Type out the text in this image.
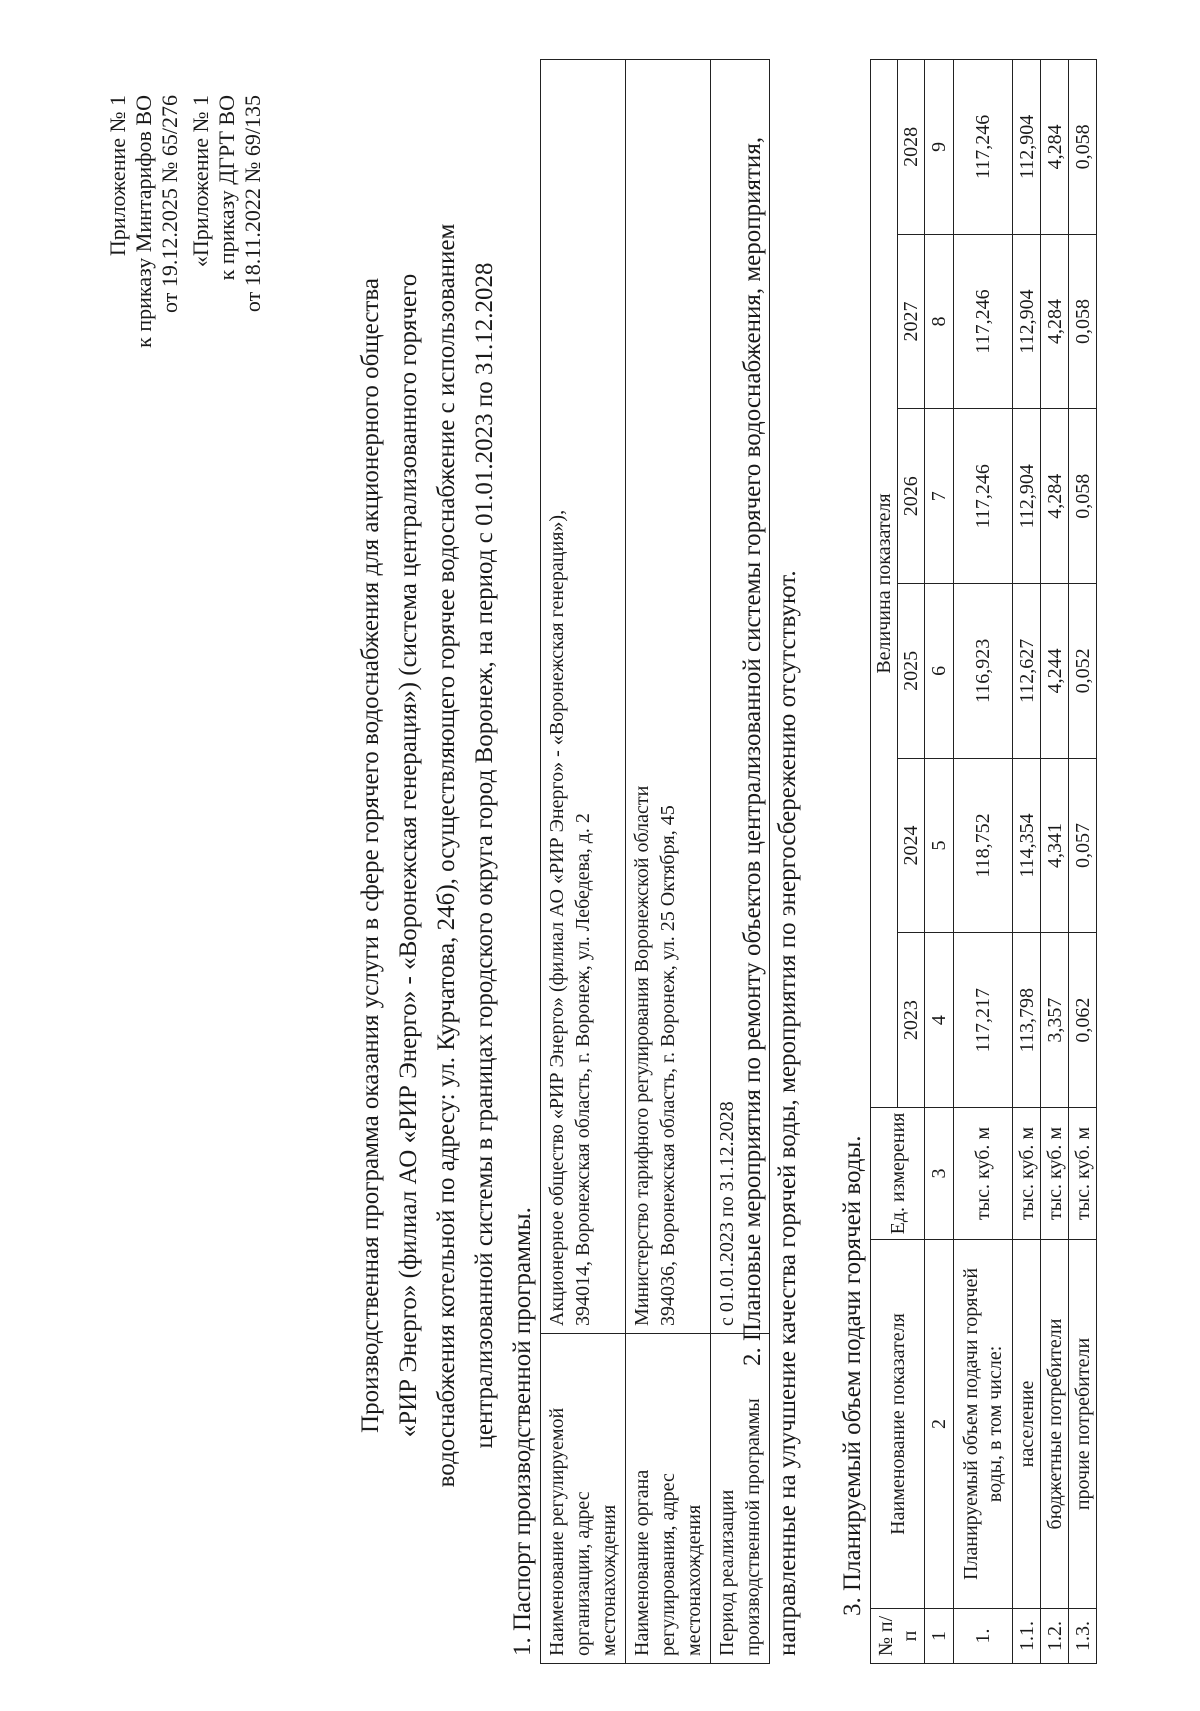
Приложение № 1 к приказу Минтарифов ВО от 19.12.2025 № 65/276 «Приложение № 1 к приказу ДГРТ ВО от 18.11.2022 № 69/135
Производственная программа оказания услуги в сфере горячего водоснабжения для акционерного общества «РИР Энерго» (филиал АО «РИР Энерго» - «Воронежская генерация») (система централизованного горячего водоснабжения котельной по адресу: ул. Курчатова, 24б), осуществляющего горячее водоснабжение с использованием централизованной системы в границах городского округа город Воронеж, на период с 01.01.2023 по 31.12.2028 1. Паспорт производственной программы. Наименование регулируемой организации, адрес местонахождения	Акционерное общество «РИР Энерго» (филиал АО «РИР Энерго» - «Воронежская генерация»), 394014, Воронежская область, г. Воронеж, ул. Лебедева, д. 2

Наименование органа регулирования, адрес местонахождения	Министерство тарифного регулирования Воронежской области 394036, Воронежская область, г. Воронеж, ул. 25 Октября, 45

Период реализации производственной программы	с 01.01.2023 по 31.12.2028 2. Плановые мероприятия по ремонту объектов централизованной системы горячего водоснабжения, мероприятия, направленные на улучшение качества горячей воды, мероприятия по энергосбережению отсутствуют. 3. Планируемый объем подачи горячей воды.
№ п/п	Наименование показателя	Ед. измерения	Величина показателя					
			2023	2024	2025	2026	2027	2028
1	2	3	4	5	6	7	8	9
1.	Планируемый объем подачи горячей воды, в том числе:	тыс. куб. м	117,217	118,752	116,923	117,246	117,246	117,246
1.1.	население	тыс. куб. м	113,798	114,354	112,627	112,904	112,904	112,904
1.2.	бюджетные потребители	тыс. куб. м	3,357	4,341	4,244	4,284	4,284	4,284
1.3.	прочие потребители	тыс. куб. м	0,062	0,057	0,052	0,058	0,058	0,058
